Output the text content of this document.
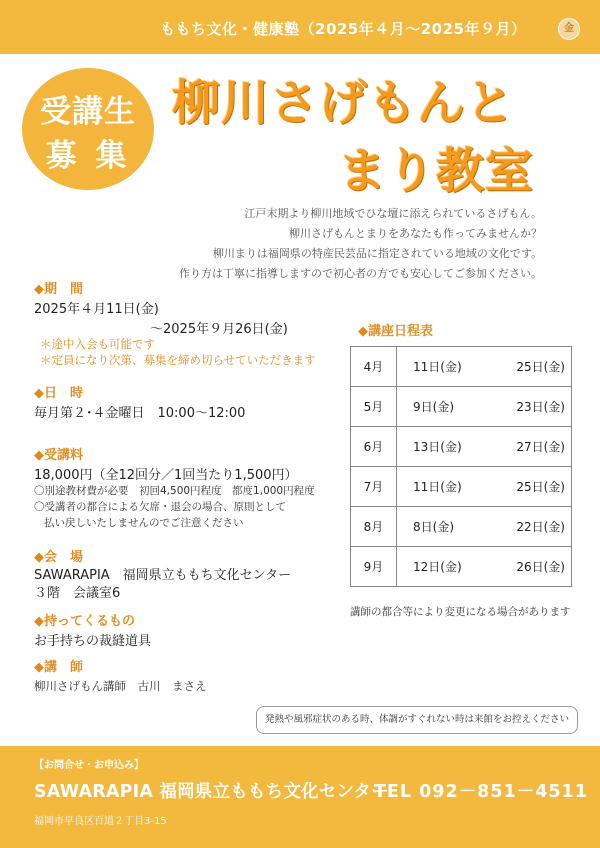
ももち文化・健康塾（2025年４月～2025年９月）	金
受講生
募 集
柳川さげもんと
まり教室
江戸末期より柳川地域でひな壇に添えられているさげもん。
柳川さげもんとまりをあなたも作ってみませんか？
柳川まりは福岡県の特産民芸品に指定されている地域の文化です。
作り方は丁寧に指導しますので初心者の方でも安心してご参加ください。
◆期　間
2025年４月11日(金)
～2025年９月26日(金)
＊途中入会も可能です
＊定員になり次第、募集を締め切らせていただきます
◆日　時
毎月第２･４金曜日　10:00～12:00
◆受講料
18,000円（全12回分／1回当たり1,500円）
〇別途教材費が必要　初回4,500円程度　都度1,000円程度
〇受講者の都合による欠席・退会の場合、原則として
払い戻しいたしませんのでご注意ください
◆会　場
SAWARAPIA　福岡県立ももち文化センター
３階　会議室6
◆持ってくるもの
お手持ちの裁縫道具
◆講　師
柳川さげもん講師　古川　まさえ
◆講座日程表
4月	11日(金) 25日(金)

5月	9日(金) 23日(金)

6月	13日(金) 27日(金)

7月	11日(金) 25日(金)

8月	8日(金) 22日(金)

9月	12日(金) 26日(金)
講師の都合等により変更になる場合があります
発熱や風邪症状のある時、体調がすぐれない時は来館をお控えください
【お問合せ・お申込み】
SAWARAPIA 福岡県立ももち文化センター
TEL 092－851－4511
福岡市早良区百道２丁目3-15
